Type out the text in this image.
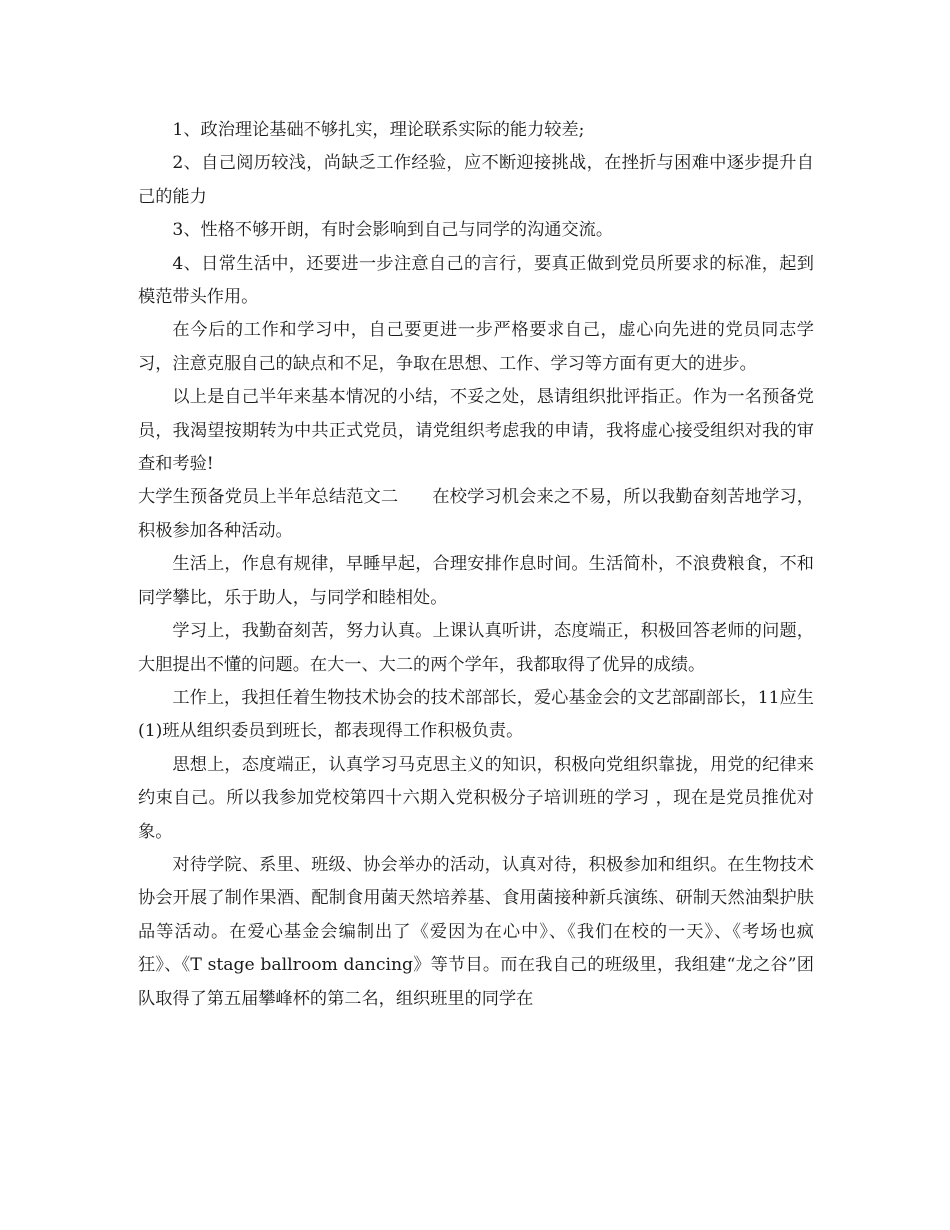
1、政治理论基础不够扎实，理论联系实际的能力较差;

2、自己阅历较浅，尚缺乏工作经验，应不断迎接挑战，在挫折与困难中逐步提升自己的能力

3、性格不够开朗，有时会影响到自己与同学的沟通交流。

4、日常生活中，还要进一步注意自己的言行，要真正做到党员所要求的标准，起到模范带头作用。

在今后的工作和学习中，自己要更进一步严格要求自己，虚心向先进的党员同志学习，注意克服自己的缺点和不足，争取在思想、工作、学习等方面有更大的进步。

以上是自己半年来基本情况的小结，不妥之处，恳请组织批评指正。作为一名预备党员，我渴望按期转为中共正式党员，请党组织考虑我的申请，我将虚心接受组织对我的审查和考验!

大学生预备党员上半年总结范文二 在校学习机会来之不易，所以我勤奋刻苦地学习，积极参加各种活动。

生活上，作息有规律，早睡早起，合理安排作息时间。生活简朴，不浪费粮食，不和同学攀比，乐于助人，与同学和睦相处。

学习上，我勤奋刻苦，努力认真。上课认真听讲，态度端正，积极回答老师的问题，大胆提出不懂的问题。在大一、大二的两个学年，我都取得了优异的成绩。

工作上，我担任着生物技术协会的技术部部长，爱心基金会的文艺部副部长，11应生(1)班从组织委员到班长，都表现得工作积极负责。

思想上，态度端正，认真学习马克思主义的知识，积极向党组织靠拢，用党的纪律来约束自己。所以我参加党校第四十六期入党积极分子培训班的学习 ，现在是党员推优对象。

对待学院、系里、班级、协会举办的活动，认真对待，积极参加和组织。在生物技术协会开展了制作果酒、配制食用菌天然培养基、食用菌接种新兵演练、研制天然油梨护肤品等活动。在爱心基金会编制出了《爱因为在心中》、《我们在校的一天》、《考场也疯狂》、《T stage ballroom dancing》等节目。而在我自己的班级里，我组建“龙之谷”团队取得了第五届攀峰杯的第二名，组织班里的同学在
